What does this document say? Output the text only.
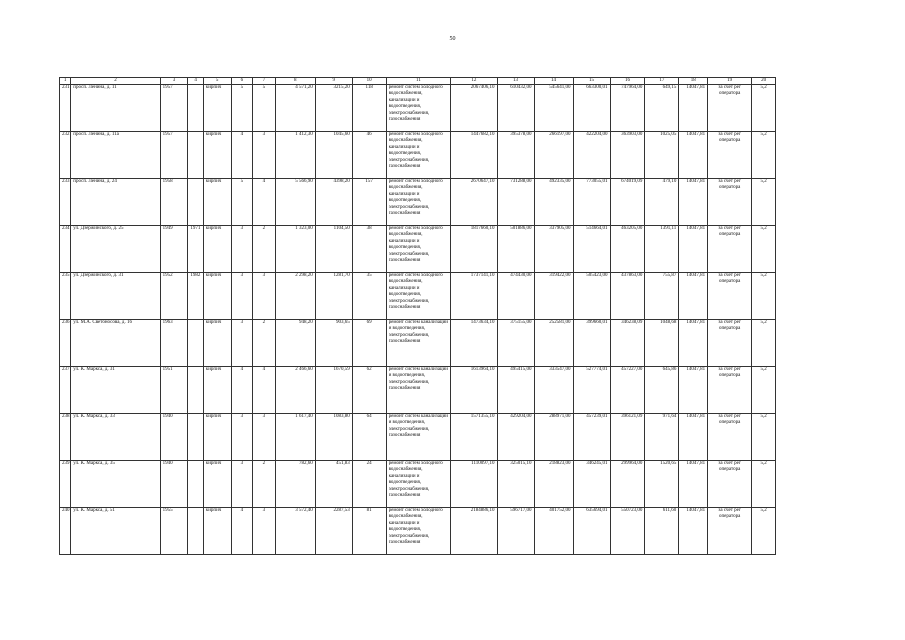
50
1	2	3	4	5	6	7	8	9	10	11	12	13	14	15	16	17	18	19	20
231	просп. Ленина, д. 11	1957		кирпич	5	5	4 571,20	3215,20	118	ремонт систем холодного водоснабжения, канализации и водоотведения, электроснабжения, газоснабжения	2067406,10	610432,00	545641,00	663300,01	747964,00	649,15	14047,81	за счет рег оператора	5,2
232	просп. Ленина, д. 11а	1957		кирпич	4	3	1 412,30	1045,60	46	ремонт систем холодного водоснабжения, канализации и водоотведения, электроснабжения, газоснабжения	1447682,10	395378,00	266197,00	422204,00	363903,00	1025,05	14047,81	за счет рег оператора	5,2
233	просп. Ленина, д. 24	1958		кирпич	5	4	5 566,90	4398,20	157	ремонт систем холодного водоснабжения, канализации и водоотведения, электроснабжения, газоснабжения	2670647,10	731288,00	492335,00	773055,01	674019,09	479,10	14047,81	за счет рег оператора	5,2
234	ул. Дзержинского, д. 25	1949	1971	кирпич	3	2	1 323,00	1104,50	38	ремонт систем холодного водоснабжения, канализации и водоотведения, электроснабжения, газоснабжения	1817660,10	501886,00	337905,00	514664,01	463205,00	1391,11	14047,81	за счет рег оператора	5,2
235	ул. Дзержинского, д. 31	1952	1982	кирпич	3	3	2 298,20	1281,70	35	ремонт систем холодного водоснабжения, канализации и водоотведения, электроснабжения, газоснабжения	1737141,10	474430,00	319422,00	505423,00	437863,00	755,87	14047,81	за счет рег оператора	5,2
236	ул. М.А. Светоносова, д. 16	1963		кирпич	3	2	948,20	903,65	69	ремонт систем канализации и водоотведения, электроснабжения, газоснабжения	1473634,10	375155,00	252581,00	399660,01	346238,09	1048,68	14047,81	за счет рег оператора	5,2
237	ул. К. Маркса, д. 31	1951		кирпич	4	4	2 466,60	1670,59	62	ремонт систем канализации и водоотведения, электроснабжения, газоснабжения	1613964,10	495415,00	333547,00	527774,01	457227,00	645,86	14047,81	за счет рег оператора	5,2
238	ул. К. Маркса, д. 33	1940		кирпич	3	3	1 617,40	1083,80	64	ремонт систем канализации и водоотведения, электроснабжения, газоснабжения	1571355,10	429204,00	288971,00	457239,01	396121,09	971,64	14047,81	за счет рег оператора	5,2
239	ул. К. Маркса, д. 35	1940		кирпич	3	2	782,60	451,83	24	ремонт систем холодного водоснабжения, канализации и водоотведения, электроснабжения, газоснабжения	1110097,10	325015,10	218823,00	346245,01	299964,00	1520,65	14047,81	за счет рег оператора	5,2
240	ул. К. Маркса, д. 51	1955		кирпич	4	3	3 572,40	2287,53	81	ремонт систем холодного водоснабжения, канализации и водоотведения, электроснабжения, газоснабжения	2184886,10	596717,00	401752,00	635694,01	550723,00	611,60	14047,81	за счет рег оператора	5,2
